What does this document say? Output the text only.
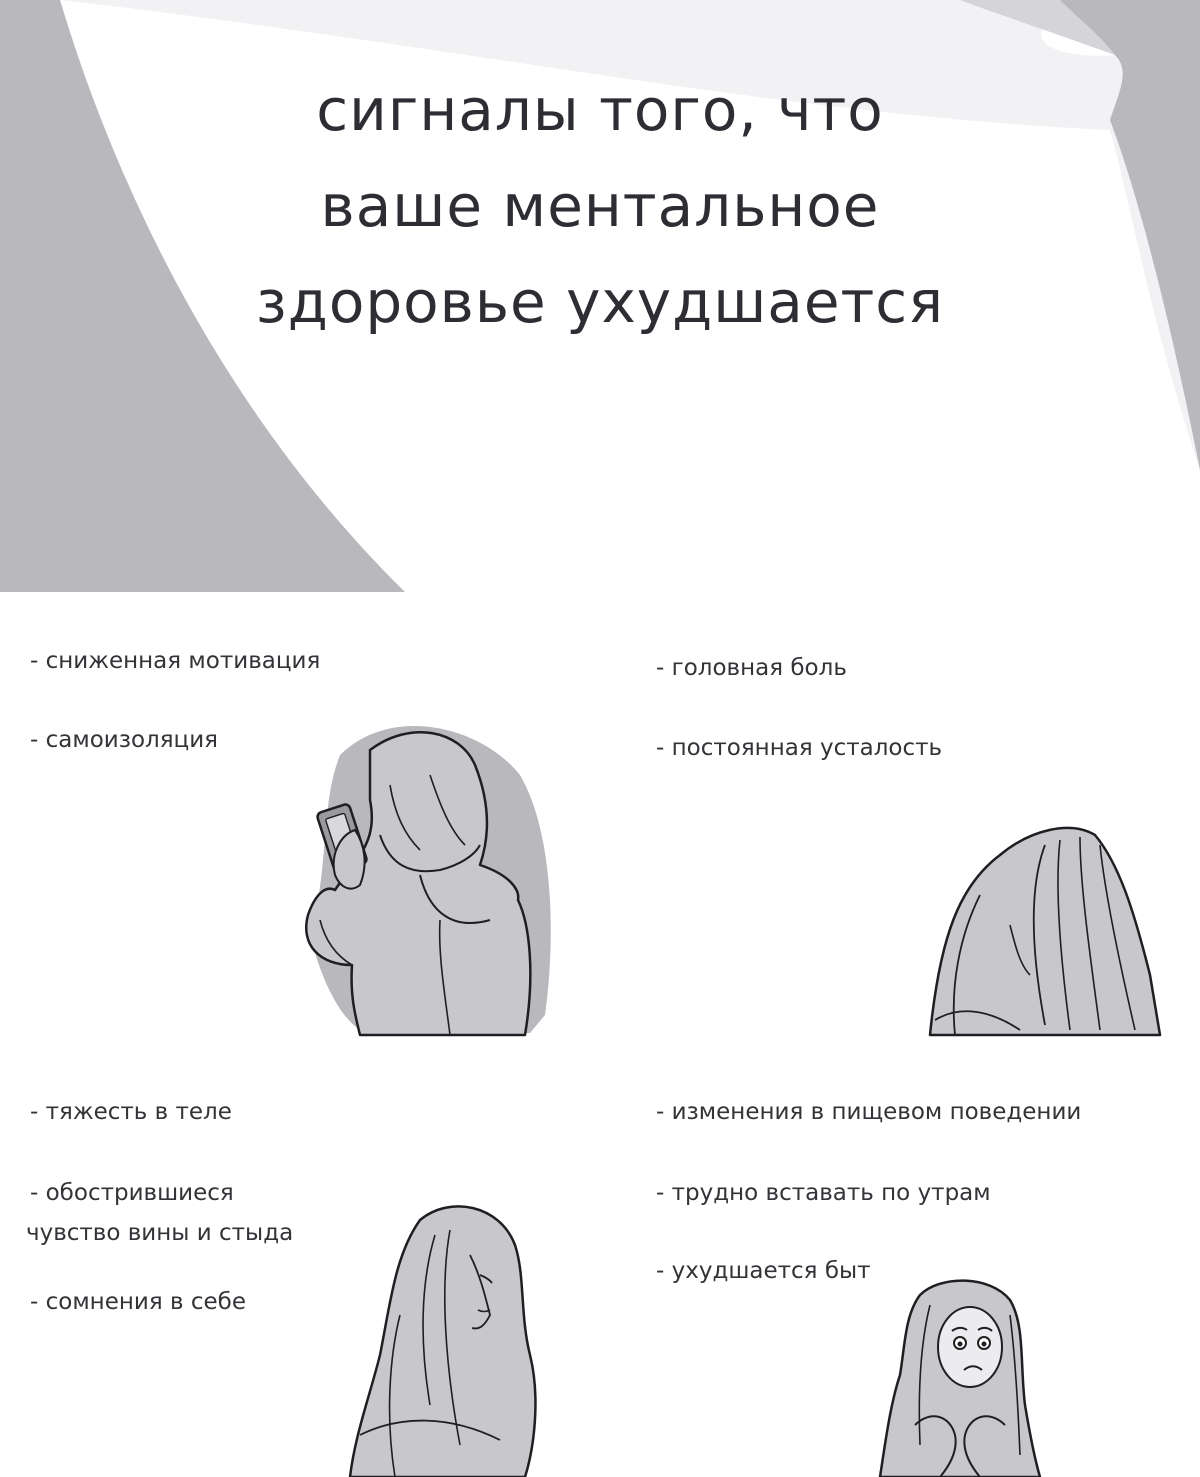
сигналы того, что
ваше ментальное
здоровье ухудшается
- сниженная мотивация
- самоизоляция
- головная боль
- постоянная усталость
- тяжесть в теле
- обострившиеся
чувство вины и стыда
- сомнения в себе
- изменения в пищевом поведении
- трудно вставать по утрам
- ухудшается быт
